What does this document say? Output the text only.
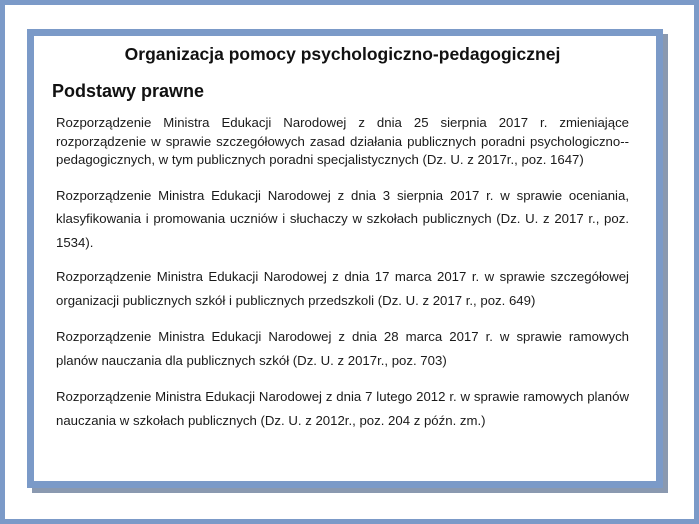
Organizacja pomocy psychologiczno-pedagogicznej
Podstawy prawne
Rozporządzenie Ministra Edukacji Narodowej z dnia 25 sierpnia 2017 r. zmieniające rozporządzenie w sprawie szczegółowych zasad działania publicznych poradni psychologiczno--pedagogicznych, w tym publicznych poradni specjalistycznych (Dz. U. z 2017r., poz. 1647)
Rozporządzenie Ministra Edukacji Narodowej z dnia 3 sierpnia 2017 r. w sprawie oceniania, klasyfikowania i promowania uczniów i słuchaczy w szkołach publicznych (Dz. U. z 2017 r., poz. 1534).
Rozporządzenie Ministra Edukacji Narodowej z dnia 17 marca 2017 r. w sprawie szczegółowej organizacji publicznych szkół i publicznych przedszkoli (Dz. U. z 2017 r., poz. 649)
Rozporządzenie Ministra Edukacji Narodowej z dnia 28 marca 2017 r. w sprawie ramowych planów nauczania dla publicznych szkół (Dz. U. z 2017r., poz. 703)
Rozporządzenie Ministra Edukacji Narodowej z dnia 7 lutego 2012 r. w sprawie ramowych planów nauczania w szkołach publicznych (Dz. U. z 2012r., poz. 204 z późn. zm.)
